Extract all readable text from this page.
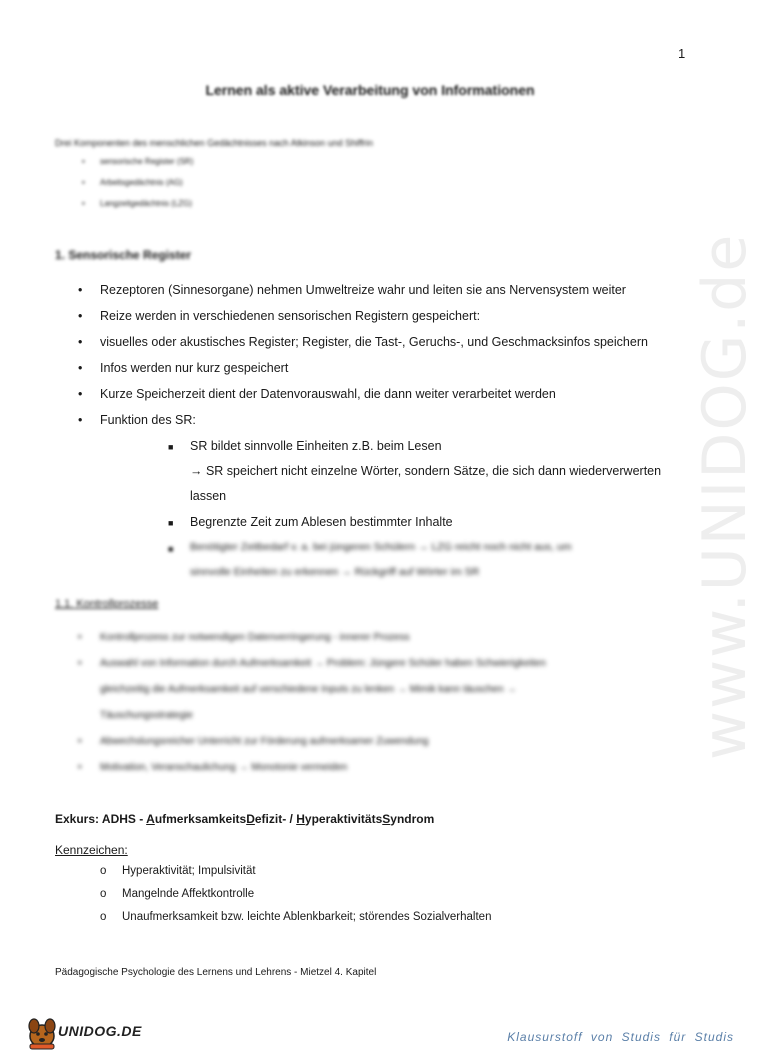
www.UNIDOG.de
1
Lernen als aktive Verarbeitung von Informationen
Drei Komponenten des menschlichen Gedächtnisses nach Atkinson und Shiffrin
• sensorische Register (SR)
• Arbeitsgedächtnis (AG)
• Langzeitgedächtnis (LZG)
1. Sensorische Register
• Rezeptoren (Sinnesorgane) nehmen Umweltreize wahr und leiten sie ans Nervensystem weiter
• Reize werden in verschiedenen sensorischen Registern gespeichert:
• visuelles oder akustisches Register; Register, die Tast-, Geruchs-, und Geschmacksinfos speichern
• Infos werden nur kurz gespeichert
• Kurze Speicherzeit dient der Datenvorauswahl, die dann weiter verarbeitet werden
• Funktion des SR:
■ SR bildet sinnvolle Einheiten z.B. beim Lesen
→ SR speichert nicht einzelne Wörter, sondern Sätze, die sich dann wiederverwerten
lassen
■ Begrenzte Zeit zum Ablesen bestimmter Inhalte
■ Benötigter Zeitbedarf v. a. bei jüngeren Schülern → LZG reicht noch nicht aus, um
sinnvolle Einheiten zu erkennen → Rückgriff auf Wörter im SR
1.1. Kontrollprozesse
• Kontrollprozess zur notwendigen Datenverringerung - innerer Prozess
• Auswahl von Information durch Aufmerksamkeit → Problem: Jüngere Schüler haben Schwierigkeiten
gleichzeitig die Aufmerksamkeit auf verschiedene Inputs zu lenken → Mimik kann täuschen →
Täuschungsstrategie
• Abwechslungsreicher Unterricht zur Förderung aufmerksamer Zuwendung
• Motivation, Veranschaulichung → Monotonie vermeiden
Exkurs: ADHS - AufmerksamkeitsDefizit- / HyperaktivitätsSyndrom
Kennzeichen:
o Hyperaktivität; Impulsivität
o Mangelnde Affektkontrolle
o Unaufmerksamkeit bzw. leichte Ablenkbarkeit; störendes Sozialverhalten
Pädagogische Psychologie des Lernens und Lehrens - Mietzel 4. Kapitel
UNIDOG.DE	Klausurstoff von Studis für Studis
